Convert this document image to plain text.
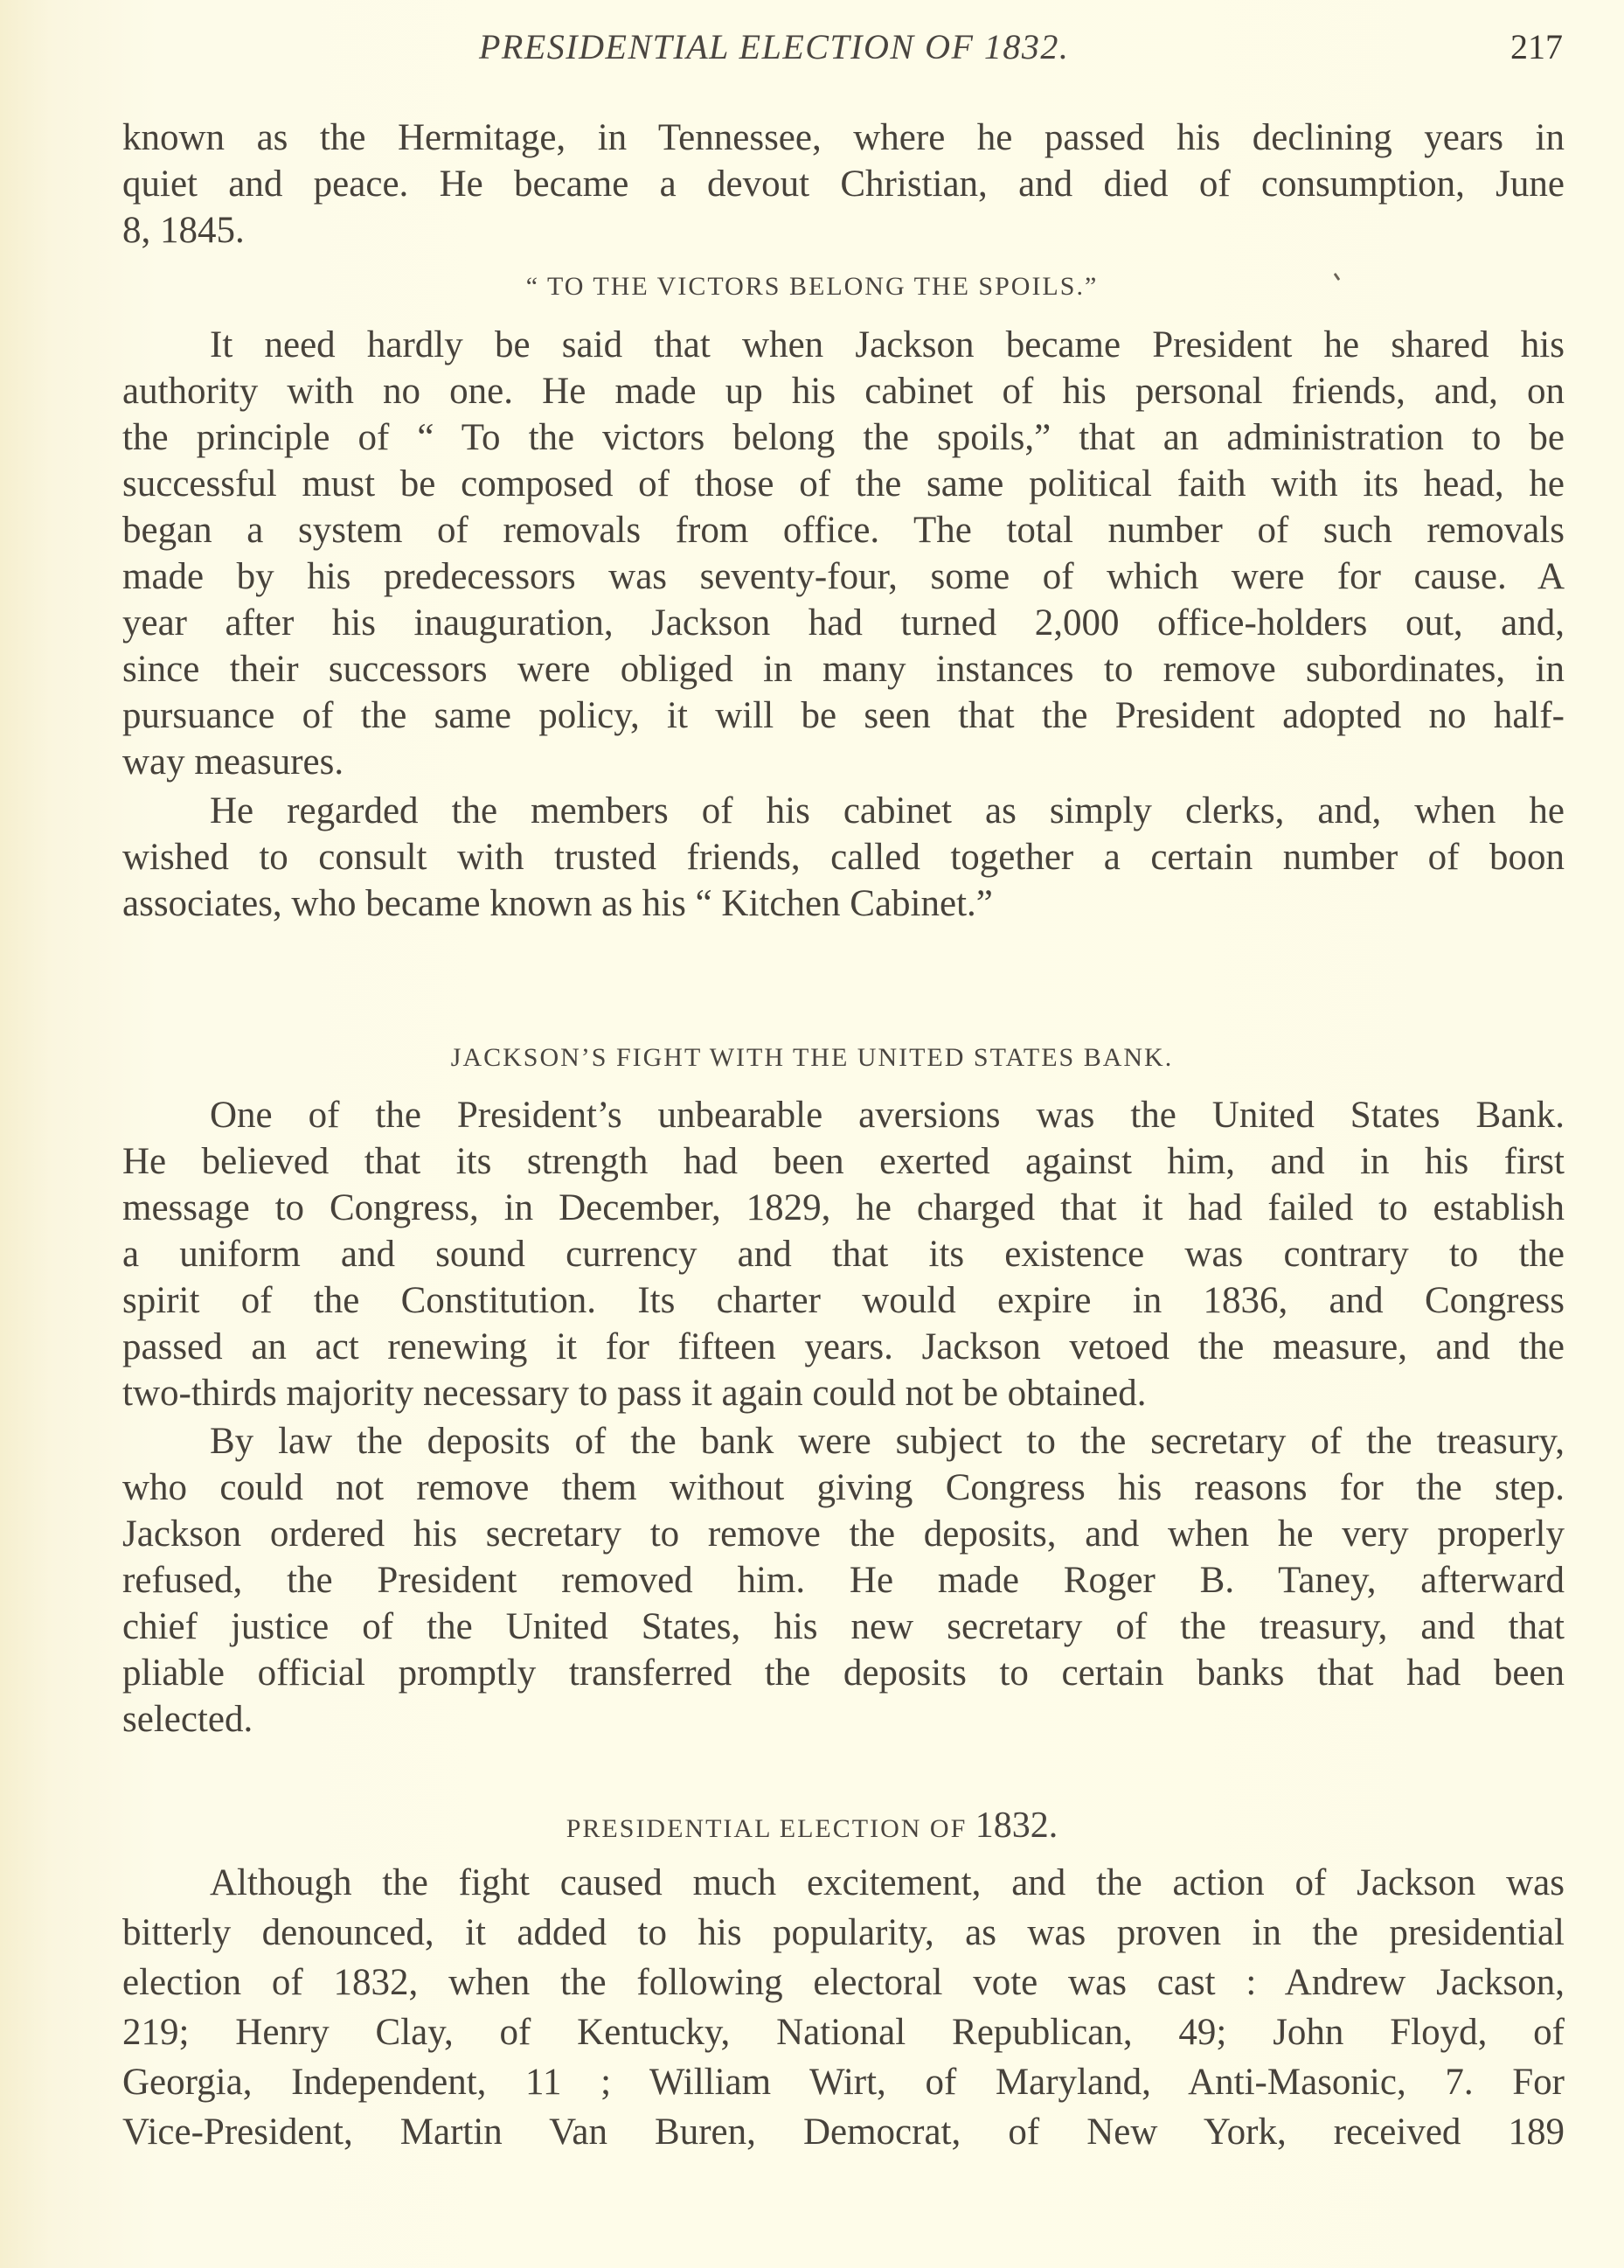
PRESIDENTIAL ELECTION OF 1832.	217
known as the Hermitage, in Tennessee, where he passed his declining years in
quiet and peace. He became a devout Christian, and died of consumption, June
8, 1845.
“ TO THE VICTORS BELONG THE SPOILS.”
It need hardly be said that when Jackson became President he shared his
authority with no one. He made up his cabinet of his personal friends, and, on
the principle of “ To the victors belong the spoils,” that an administration to be
successful must be composed of those of the same political faith with its head, he
began a system of removals from office. The total number of such removals
made by his predecessors was seventy-four, some of which were for cause. A
year after his inauguration, Jackson had turned 2,000 office-holders out, and,
since their successors were obliged in many instances to remove subordinates, in
pursuance of the same policy, it will be seen that the President adopted no half-
way measures.
He regarded the members of his cabinet as simply clerks, and, when he
wished to consult with trusted friends, called together a certain number of boon
associates, who became known as his “ Kitchen Cabinet.”
JACKSON’S FIGHT WITH THE UNITED STATES BANK.
One of the President’s unbearable aversions was the United States Bank.
He believed that its strength had been exerted against him, and in his first
message to Congress, in December, 1829, he charged that it had failed to establish
a uniform and sound currency and that its existence was contrary to the
spirit of the Constitution. Its charter would expire in 1836, and Congress
passed an act renewing it for fifteen years. Jackson vetoed the measure, and the
two-thirds majority necessary to pass it again could not be obtained.
By law the deposits of the bank were subject to the secretary of the treasury,
who could not remove them without giving Congress his reasons for the step.
Jackson ordered his secretary to remove the deposits, and when he very properly
refused, the President removed him. He made Roger B. Taney, afterward
chief justice of the United States, his new secretary of the treasury, and that
pliable official promptly transferred the deposits to certain banks that had been
selected.
PRESIDENTIAL ELECTION OF 1832.
Although the fight caused much excitement, and the action of Jackson was
bitterly denounced, it added to his popularity, as was proven in the presidential
election of 1832, when the following electoral vote was cast : Andrew Jackson,
219; Henry Clay, of Kentucky, National Republican, 49; John Floyd, of
Georgia, Independent, 11 ; William Wirt, of Maryland, Anti-Masonic, 7. For
Vice-President, Martin Van Buren, Democrat, of New York, received 189
